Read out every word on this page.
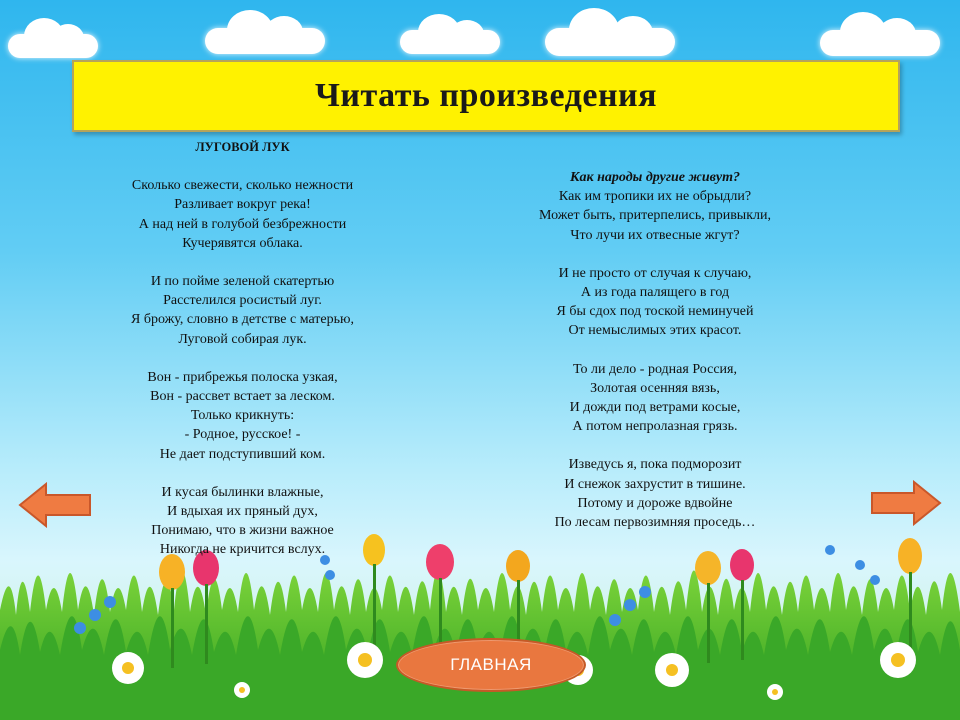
Читать произведения
ЛУГОВОЙ ЛУК
Сколько свежести, сколько нежности
Разливает вокруг река!
А над ней в голубой безбрежности
Кучерявятся облака.
И по пойме зеленой скатертью
Расстелился росистый луг.
Я брожу, словно в детстве с матерью,
Луговой собирая лук.
Вон - прибрежья полоска узкая,
Вон - рассвет встает за леском.
Только крикнуть:
- Родное, русское! -
Не дает подступивший ком.
И кусая былинки влажные,
И вдыхая их пряный дух,
Понимаю, что в жизни важное
Никогда не кричится вслух.
Как народы другие живут?
Как им тропики их не обрыдли?
Может быть, притерпелись, привыкли,
Что лучи их отвесные жгут?
И не просто от случая к случаю,
А из года палящего в год
Я бы сдох под тоской неминучей
От немыслимых этих красот.
То ли дело - родная Россия,
Золотая осенняя вязь,
И дожди под ветрами косые,
А потом непролазная грязь.
Изведусь я, пока подморозит
И снежок захрустит в тишине.
Потому и дороже вдвойне
По лесам первозимняя проседь…
ГЛАВНАЯ
